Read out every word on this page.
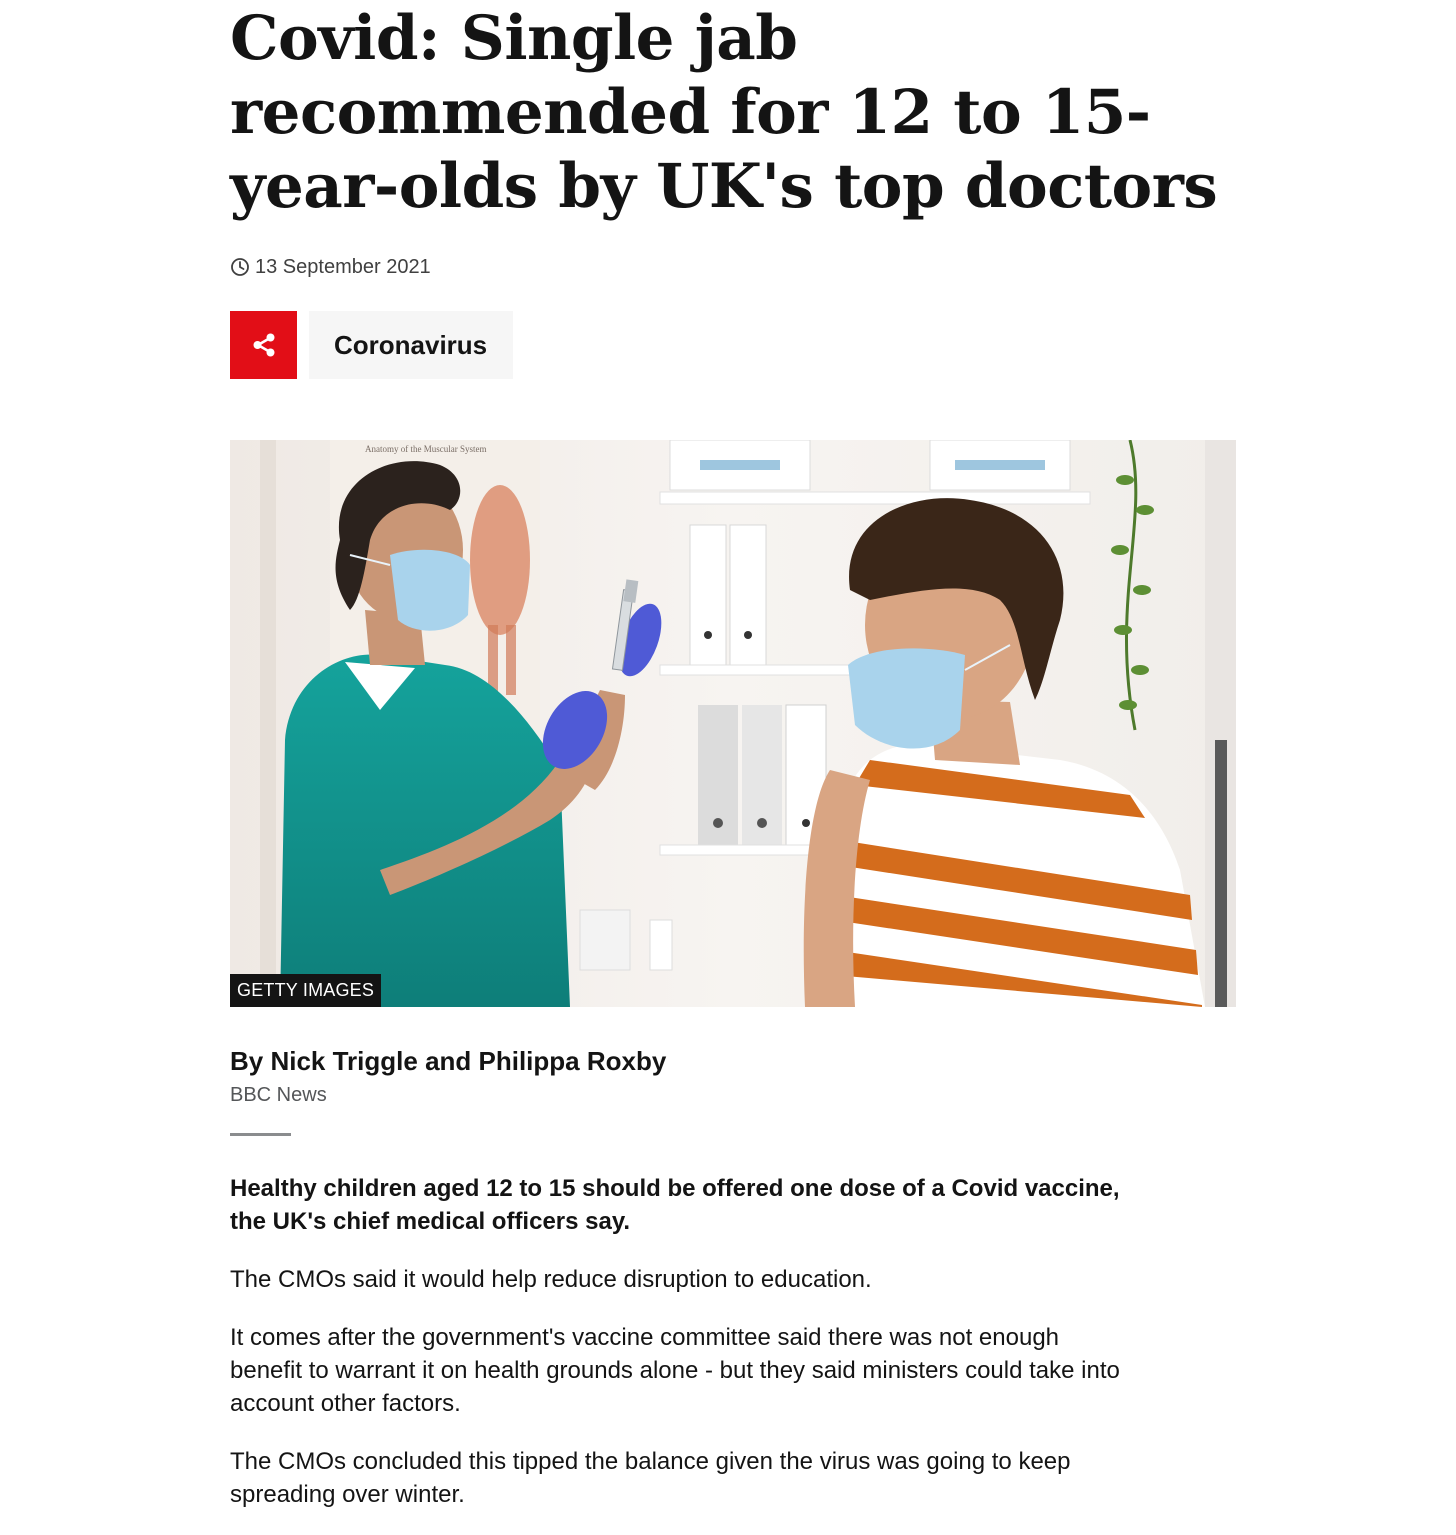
Covid: Single jab recommended for 12 to 15-year-olds by UK's top doctors
13 September 2021
Coronavirus
Anatomy of the Muscular System
GETTY IMAGES
By Nick Triggle and Philippa Roxby
BBC News

Healthy children aged 12 to 15 should be offered one dose of a Covid vaccine, the UK's chief medical officers say.

The CMOs said it would help reduce disruption to education.

It comes after the government's vaccine committee said there was not enough benefit to warrant it on health grounds alone - but they said ministers could take into account other factors.

The CMOs concluded this tipped the balance given the virus was going to keep spreading over winter.
